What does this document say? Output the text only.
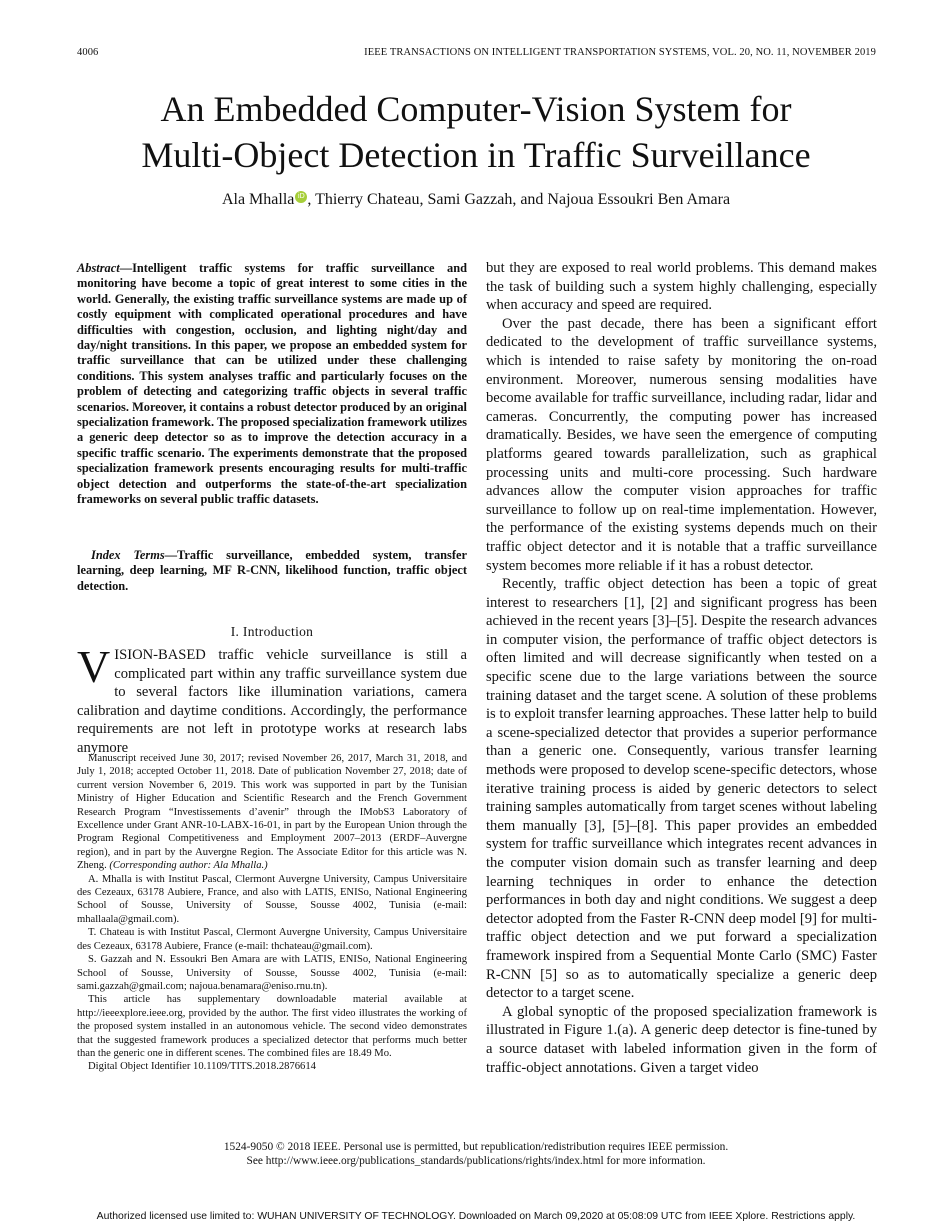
4006	IEEE TRANSACTIONS ON INTELLIGENT TRANSPORTATION SYSTEMS, VOL. 20, NO. 11, NOVEMBER 2019
An Embedded Computer-Vision System for
Multi-Object Detection in Traffic Surveillance
Ala Mhalla iD , Thierry Chateau, Sami Gazzah, and Najoua Essoukri Ben Amara
Abstract—Intelligent traffic systems for traffic surveillance and monitoring have become a topic of great interest to some cities in the world. Generally, the existing traffic surveillance systems are made up of costly equipment with complicated operational procedures and have difficulties with congestion, occlusion, and lighting night/day and day/night transitions. In this paper, we propose an embedded system for traffic surveillance that can be utilized under these challenging conditions. This system analyses traffic and particularly focuses on the problem of detecting and categorizing traffic objects in several traffic scenarios. Moreover, it contains a robust detector produced by an original specialization framework. The proposed specialization framework utilizes a generic deep detector so as to improve the detection accuracy in a specific traffic scenario. The experiments demonstrate that the proposed specialization framework presents encouraging results for multi-traffic object detection and outperforms the state-of-the-art specialization frameworks on several public traffic datasets.
Index Terms—Traffic surveillance, embedded system, transfer learning, deep learning, MF R-CNN, likelihood function, traffic object detection.
I. Introduction
VISION-BASED traffic vehicle surveillance is still a complicated part within any traffic surveillance system due to several factors like illumination variations, camera calibration and daytime conditions. Accordingly, the performance requirements are not left in prototype works at research labs anymore

Manuscript received June 30, 2017; revised November 26, 2017, March 31, 2018, and July 1, 2018; accepted October 11, 2018. Date of publication November 27, 2018; date of current version November 6, 2019. This work was supported in part by the Tunisian Ministry of Higher Education and Scientific Research and the French Government Research Program “Investissements d’avenir” through the IMobS3 Laboratory of Excellence under Grant ANR-10-LABX-16-01, in part by the European Union through the Program Regional Competitiveness and Employment 2007–2013 (ERDF–Auvergne region), and in part by the Auvergne Region. The Associate Editor for this article was N. Zheng. (Corresponding author: Ala Mhalla.)

A. Mhalla is with Institut Pascal, Clermont Auvergne University, Campus Universitaire des Cezeaux, 63178 Aubiere, France, and also with LATIS, ENISo, National Engineering School of Sousse, University of Sousse, Sousse 4002, Tunisia (e-mail: mhallaala@gmail.com).

T. Chateau is with Institut Pascal, Clermont Auvergne University, Campus Universitaire des Cezeaux, 63178 Aubiere, France (e-mail: thchateau@gmail.com).

S. Gazzah and N. Essoukri Ben Amara are with LATIS, ENISo, National Engineering School of Sousse, University of Sousse, Sousse 4002, Tunisia (e-mail: sami.gazzah@gmail.com; najoua.benamara@eniso.rnu.tn).

This article has supplementary downloadable material available at http://ieeexplore.ieee.org, provided by the author. The first video illustrates the working of the proposed system installed in an autonomous vehicle. The second video demonstrates that the suggested framework produces a specialized detector that performs much better than the generic one in different scenes. The combined files are 18.49 Mo.

Digital Object Identifier 10.1109/TITS.2018.2876614

but they are exposed to real world problems. This demand makes the task of building such a system highly challenging, especially when accuracy and speed are required.

Over the past decade, there has been a significant effort dedicated to the development of traffic surveillance systems, which is intended to raise safety by monitoring the on-road environment. Moreover, numerous sensing modalities have become available for traffic surveillance, including radar, lidar and cameras. Concurrently, the computing power has increased dramatically. Besides, we have seen the emergence of computing platforms geared towards parallelization, such as graphical processing units and multi-core processing. Such hardware advances allow the computer vision approaches for traffic surveillance to follow up on real-time implementation. However, the performance of the existing systems depends much on their traffic object detector and it is notable that a traffic surveillance system becomes more reliable if it has a robust detector.

Recently, traffic object detection has been a topic of great interest to researchers [1], [2] and significant progress has been achieved in the recent years [3]–[5]. Despite the research advances in computer vision, the performance of traffic object detectors is often limited and will decrease significantly when tested on a specific scene due to the large variations between the source training dataset and the target scene. A solution of these problems is to exploit transfer learning approaches. These latter help to build a scene-specialized detector that provides a superior performance than a generic one. Consequently, various transfer learning methods were proposed to develop scene-specific detectors, whose iterative training process is aided by generic detectors to select training samples automatically from target scenes without labeling them manually [3], [5]–[8]. This paper provides an embedded system for traffic surveillance which integrates recent advances in the computer vision domain such as transfer learning and deep learning techniques in order to enhance the detection performances in both day and night conditions. We suggest a deep detector adopted from the Faster R-CNN deep model [9] for multi-traffic object detection and we put forward a specialization framework inspired from a Sequential Monte Carlo (SMC) Faster R-CNN [5] so as to automatically specialize a generic deep detector to a target scene.

A global synoptic of the proposed specialization framework is illustrated in Figure 1.(a). A generic deep detector is fine-tuned by a source dataset with labeled information given in the form of traffic-object annotations. Given a target video

1524-9050 © 2018 IEEE. Personal use is permitted, but republication/redistribution requires IEEE permission.
See http://www.ieee.org/publications_standards/publications/rights/index.html for more information.
Authorized licensed use limited to: WUHAN UNIVERSITY OF TECHNOLOGY. Downloaded on March 09,2020 at 05:08:09 UTC from IEEE Xplore. Restrictions apply.
